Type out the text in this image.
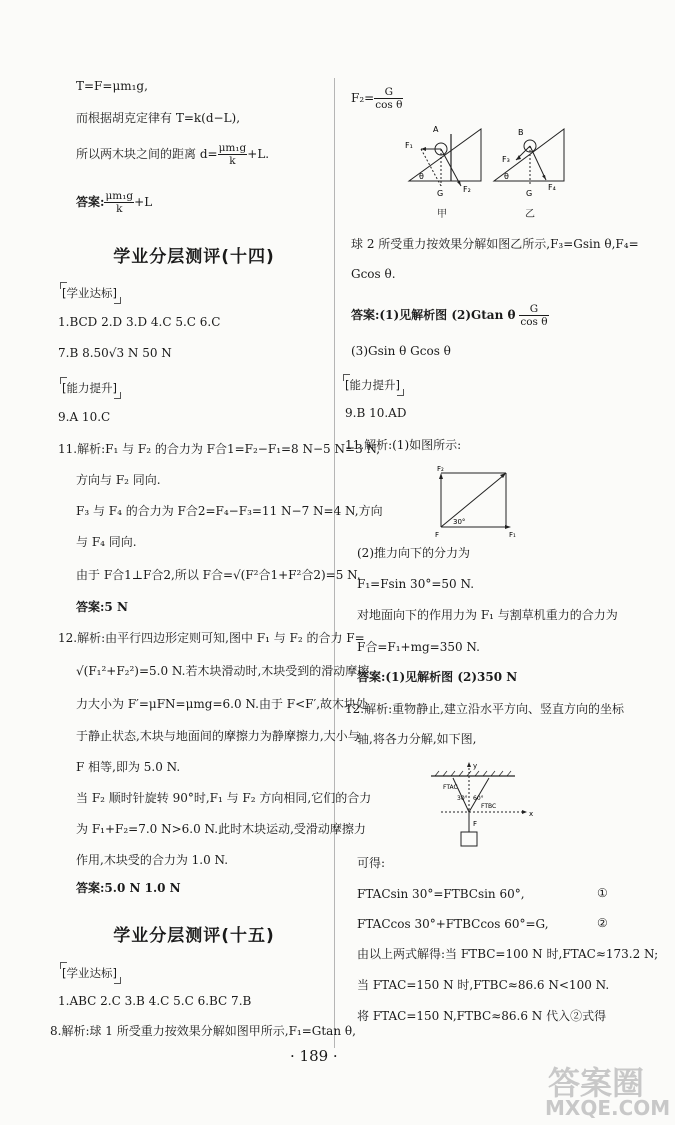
T=F=μm₁g,
而根据胡克定律有 T=k(d−L),
所以两木块之间的距离 $d= \frac{\text{μm₁g}}{k} +L$.
答案: $\frac{\text{μm₁g}}{k} +L$
学业分层测评(十四)
[学业达标]
1.BCD 2.D 3.D 4.C 5.C 6.C
7.B 8.50√3 N 50 N
[能力提升]
9.A 10.C
11.解析:F₁ 与 F₂ 的合力为 F合1=F₂−F₁=8 N−5 N=3 N,
方向与 F₂ 同向.
F₃ 与 F₄ 的合力为 F合2=F₄−F₃=11 N−7 N=4 N,方向
与 F₄ 同向.
由于 F合1⊥F合2,所以 F合=√(F²合1+F²合2)=5 N.
答案:5 N
12.解析:由平行四边形定则可知,图中 F₁ 与 F₂ 的合力 F=
√(F₁²+F₂²)=5.0 N.若木块滑动时,木块受到的滑动摩擦
力大小为 F′=μFN=μmg=6.0 N.由于 F<F′,故木块处
于静止状态,木块与地面间的摩擦力为静摩擦力,大小与
F 相等,即为 5.0 N.
当 F₂ 顺时针旋转 90°时,F₁ 与 F₂ 方向相同,它们的合力
为 F₁+F₂=7.0 N>6.0 N.此时木块运动,受滑动摩擦力
作用,木块受的合力为 1.0 N.
答案:5.0 N 1.0 N
学业分层测评(十五)
[学业达标]
1.ABC 2.C 3.B 4.C 5.C 6.BC 7.B
8.解析:球 1 所受重力按效果分解如图甲所示,F₁=Gtan θ,
$F_2= \frac{G}{\text{cos θ}}$
A
F₁
θ
G F₂
甲
B
F₃
θ
G
F₄
乙
球 2 所受重力按效果分解如图乙所示,F₃=Gsin θ,F₄=
Gcos θ.
答案:(1)见解析图 (2)Gtan θ $\frac{G}{\text{cos θ}}$
(3)Gsin θ Gcos θ
[能力提升]
9.B 10.AD
11.解析:(1)如图所示:
F₂
30°
F	F₁
(2)推力向下的分力为
F₁=Fsin 30°=50 N.
对地面向下的作用力为 F₁ 与割草机重力的合力为
F合=F₁+mg=350 N.
答案:(1)见解析图 (2)350 N
12.解析:重物静止,建立沿水平方向、竖直方向的坐标
轴,将各力分解,如下图,
y
FTAC
30° 60°
FTBC
x
F
可得:
FTACsin 30°=FTBCsin 60°,	①
FTACcos 30°+FTBCcos 60°=G,	②
由以上两式解得:当 FTBC=100 N 时,FTAC≈173.2 N;
当 FTAC=150 N 时,FTBC≈86.6 N<100 N.
将 FTAC=150 N,FTBC≈86.6 N 代入②式得
· 189 ·
答案圈
MXQE.COM
